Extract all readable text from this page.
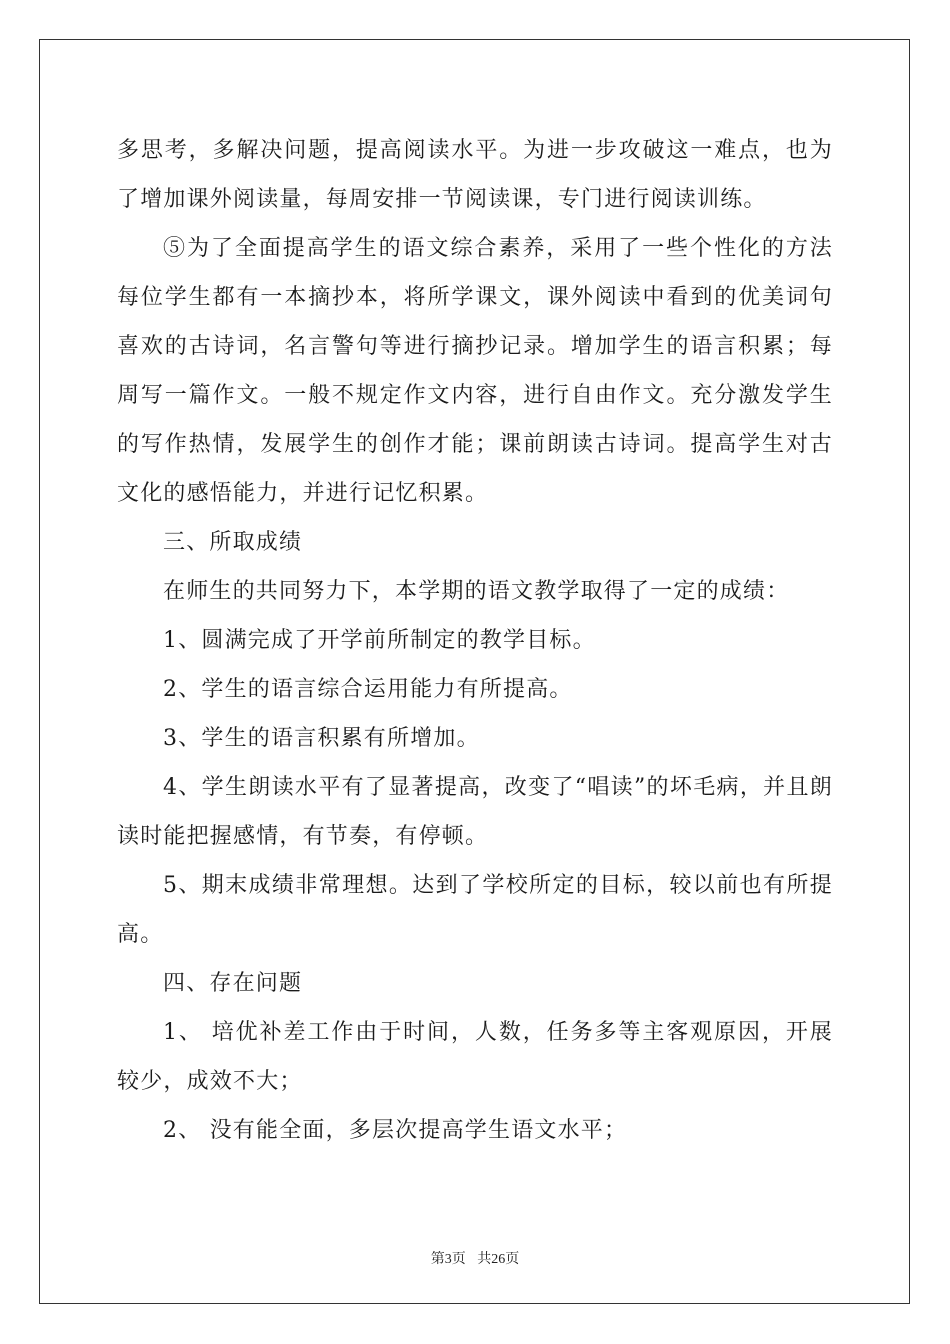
多思考，多解决问题，提高阅读水平。为进一步攻破这一难点，也为了增加课外阅读量，每周安排一节阅读课，专门进行阅读训练。

⑤为了全面提高学生的语文综合素养，采用了一些个性化的方法每位学生都有一本摘抄本，将所学课文，课外阅读中看到的优美词句喜欢的古诗词，名言警句等进行摘抄记录。增加学生的语言积累；每周写一篇作文。一般不规定作文内容，进行自由作文。充分激发学生的写作热情，发展学生的创作才能；课前朗读古诗词。提高学生对古文化的感悟能力，并进行记忆积累。

三、所取成绩

在师生的共同努力下，本学期的语文教学取得了一定的成绩：

1、圆满完成了开学前所制定的教学目标。

2、学生的语言综合运用能力有所提高。

3、学生的语言积累有所增加。

4、学生朗读水平有了显著提高，改变了“唱读”的坏毛病，并且朗读时能把握感情，有节奏，有停顿。

5、期末成绩非常理想。达到了学校所定的目标，较以前也有所提高。

四、存在问题

1、 培优补差工作由于时间，人数，任务多等主客观原因，开展较少，成效不大；

2、 没有能全面，多层次提高学生语文水平；

第3页 共26页
